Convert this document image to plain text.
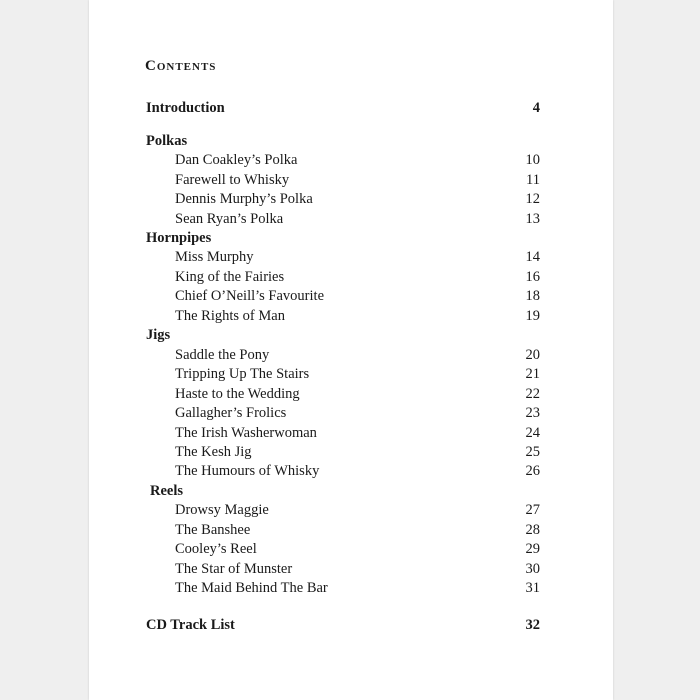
Contents
Introduction	4
Polkas
Dan Coakley’s Polka	10
Farewell to Whisky	11
Dennis Murphy’s Polka	12
Sean Ryan’s Polka	13
Hornpipes
Miss Murphy	14
King of the Fairies	16
Chief O’Neill’s Favourite	18
The Rights of Man	19
Jigs
Saddle the Pony	20
Tripping Up The Stairs	21
Haste to the Wedding	22
Gallagher’s Frolics	23
The Irish Washerwoman	24
The Kesh Jig	25
The Humours of Whisky	26
Reels
Drowsy Maggie	27
The Banshee	28
Cooley’s Reel	29
The Star of Munster	30
The Maid Behind The Bar	31
CD Track List	32
